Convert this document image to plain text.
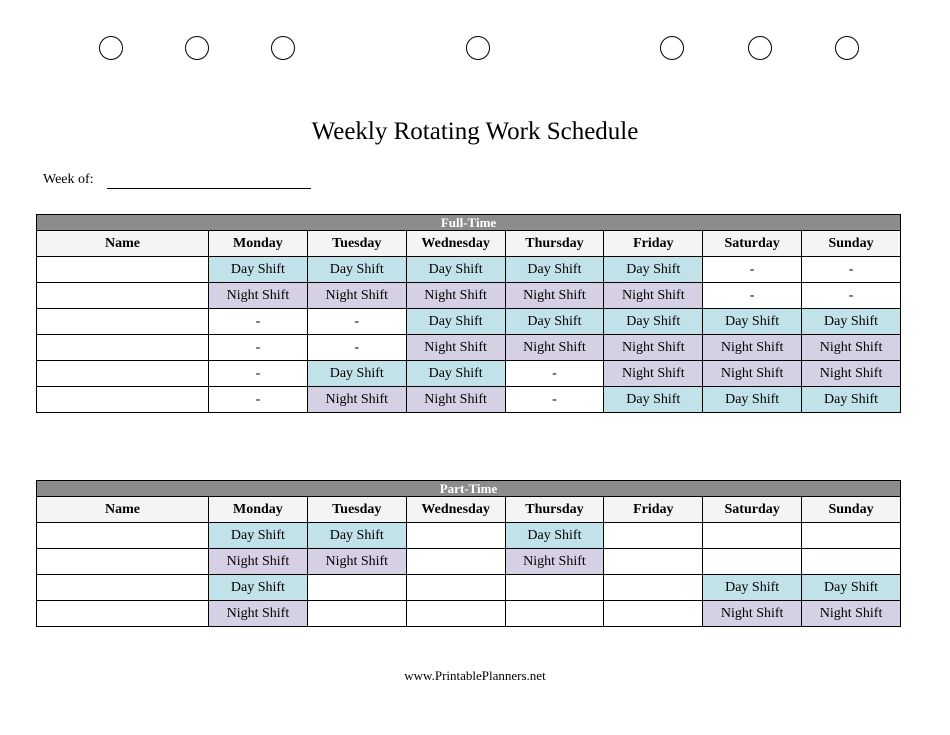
Weekly Rotating Work Schedule
Week of:
Full-Time							
Name	Monday	Tuesday	Wednesday	Thursday	Friday	Saturday	Sunday
	Day Shift	Day Shift	Day Shift	Day Shift	Day Shift	-	-
	Night Shift	Night Shift	Night Shift	Night Shift	Night Shift	-	-
	-	-	Day Shift	Day Shift	Day Shift	Day Shift	Day Shift
	-	-	Night Shift	Night Shift	Night Shift	Night Shift	Night Shift
	-	Day Shift	Day Shift	-	Night Shift	Night Shift	Night Shift
	-	Night Shift	Night Shift	-	Day Shift	Day Shift	Day Shift
Part-Time							
Name	Monday	Tuesday	Wednesday	Thursday	Friday	Saturday	Sunday
	Day Shift	Day Shift		Day Shift			
	Night Shift	Night Shift		Night Shift			
	Day Shift					Day Shift	Day Shift
	Night Shift					Night Shift	Night Shift
www.PrintablePlanners.net
